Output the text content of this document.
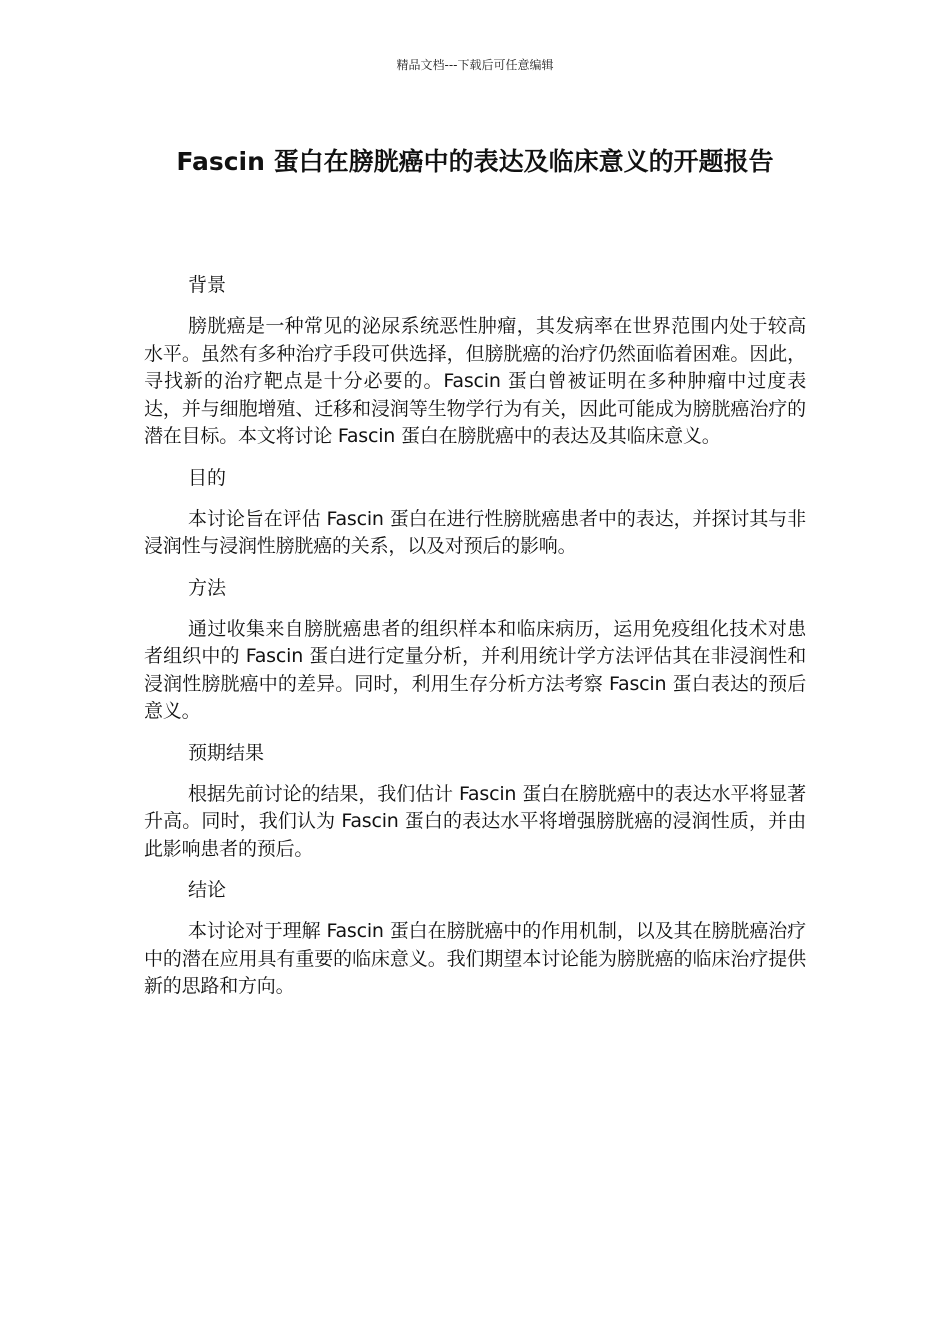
精品文档---下载后可任意编辑
Fascin 蛋白在膀胱癌中的表达及临床意义的开题报告
背景

膀胱癌是一种常见的泌尿系统恶性肿瘤，其发病率在世界范围内处于较高水平。虽然有多种治疗手段可供选择，但膀胱癌的治疗仍然面临着困难。因此，寻找新的治疗靶点是十分必要的。Fascin 蛋白曾被证明在多种肿瘤中过度表达，并与细胞增殖、迁移和浸润等生物学行为有关，因此可能成为膀胱癌治疗的潜在目标。本文将讨论 Fascin 蛋白在膀胱癌中的表达及其临床意义。

目的

本讨论旨在评估 Fascin 蛋白在进行性膀胱癌患者中的表达，并探讨其与非浸润性与浸润性膀胱癌的关系，以及对预后的影响。

方法

通过收集来自膀胱癌患者的组织样本和临床病历，运用免疫组化技术对患者组织中的 Fascin 蛋白进行定量分析，并利用统计学方法评估其在非浸润性和浸润性膀胱癌中的差异。同时，利用生存分析方法考察 Fascin 蛋白表达的预后意义。

预期结果

根据先前讨论的结果，我们估计 Fascin 蛋白在膀胱癌中的表达水平将显著升高。同时，我们认为 Fascin 蛋白的表达水平将增强膀胱癌的浸润性质，并由此影响患者的预后。

结论

本讨论对于理解 Fascin 蛋白在膀胱癌中的作用机制，以及其在膀胱癌治疗中的潜在应用具有重要的临床意义。我们期望本讨论能为膀胱癌的临床治疗提供新的思路和方向。
